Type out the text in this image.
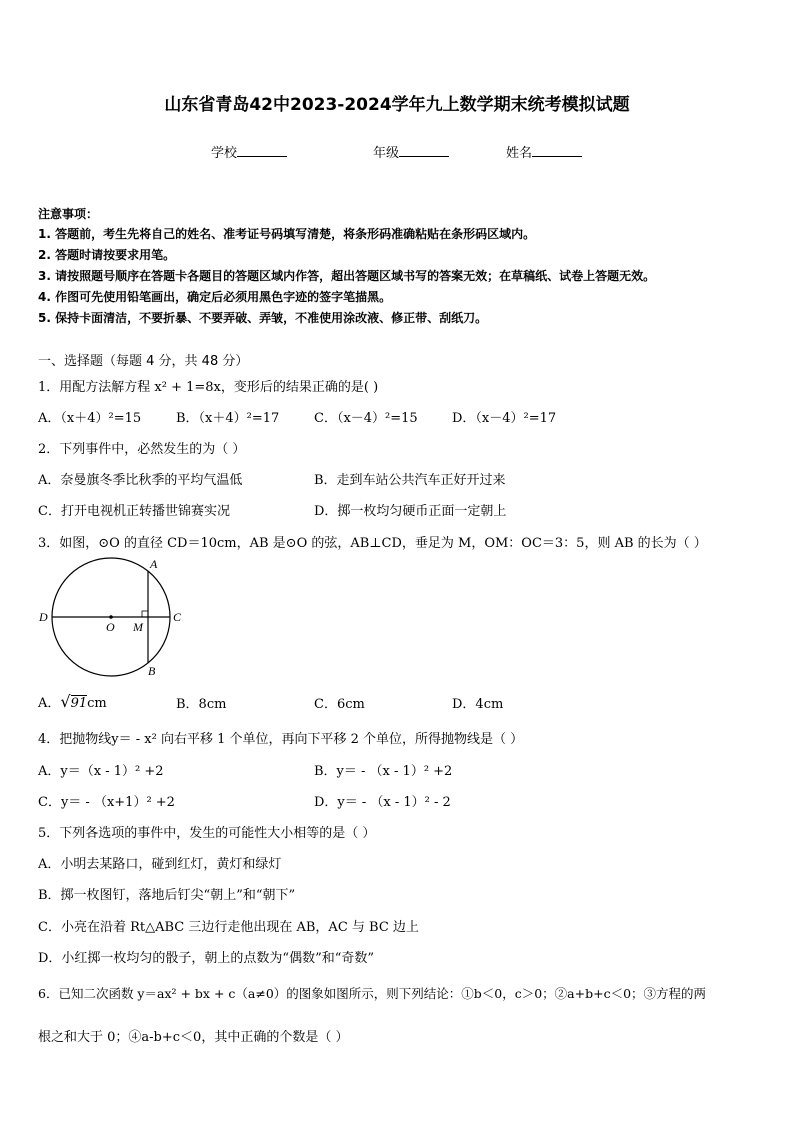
山东省青岛42中2023-2024学年九上数学期末统考模拟试题
学校	年级	姓名
注意事项：
1. 答题前，考生先将自己的姓名、准考证号码填写清楚，将条形码准确粘贴在条形码区域内。
2. 答题时请按要求用笔。
3. 请按照题号顺序在答题卡各题目的答题区域内作答，超出答题区域书写的答案无效；在草稿纸、试卷上答题无效。
4. 作图可先使用铅笔画出，确定后必须用黑色字迹的签字笔描黑。
5. 保持卡面清洁，不要折暴、不要弄破、弄皱，不准使用涂改液、修正带、刮纸刀。
一、选择题（每题 4 分，共 48 分）
1．用配方法解方程 x² + 1=8x，变形后的结果正确的是( )
A．（x＋4）²=15	B．（x＋4）²=17	C．（x－4）²=15	D．（x－4）²=17
2．下列事件中，必然发生的为（ ）
A．奈曼旗冬季比秋季的平均气温低	B．走到车站公共汽车正好开过来
C．打开电视机正转播世锦赛实况	D．掷一枚均匀硬币正面一定朝上
3．如图，⊙O 的直径 CD＝10cm，AB 是⊙O 的弦，AB⊥CD，垂足为 M，OM：OC＝3：5，则 AB 的长为（ ）
A
B
C
D
O M
A．√91cm	B．8cm	C．6cm	D．4cm
4．把抛物线y＝ - x² 向右平移 1 个单位，再向下平移 2 个单位，所得抛物线是（ ）
A．y＝（x - 1）² +2	B．y＝ - （x - 1）² +2
C．y＝ - （x+1）² +2	D．y＝ - （x - 1）² - 2
5．下列各选项的事件中，发生的可能性大小相等的是（ ）
A．小明去某路口，碰到红灯，黄灯和绿灯
B．掷一枚图钉，落地后钉尖“朝上”和“朝下”
C．小亮在沿着 Rt△ABC 三边行走他出现在 AB，AC 与 BC 边上
D．小红掷一枚均匀的骰子，朝上的点数为“偶数”和“奇数”
6．已知二次函数 y＝ax² + bx + c（a≠0）的图象如图所示，则下列结论：①b＜0，c＞0；②a+b+c＜0；③方程的两
根之和大于 0；④a-b+c＜0，其中正确的个数是（ ）
